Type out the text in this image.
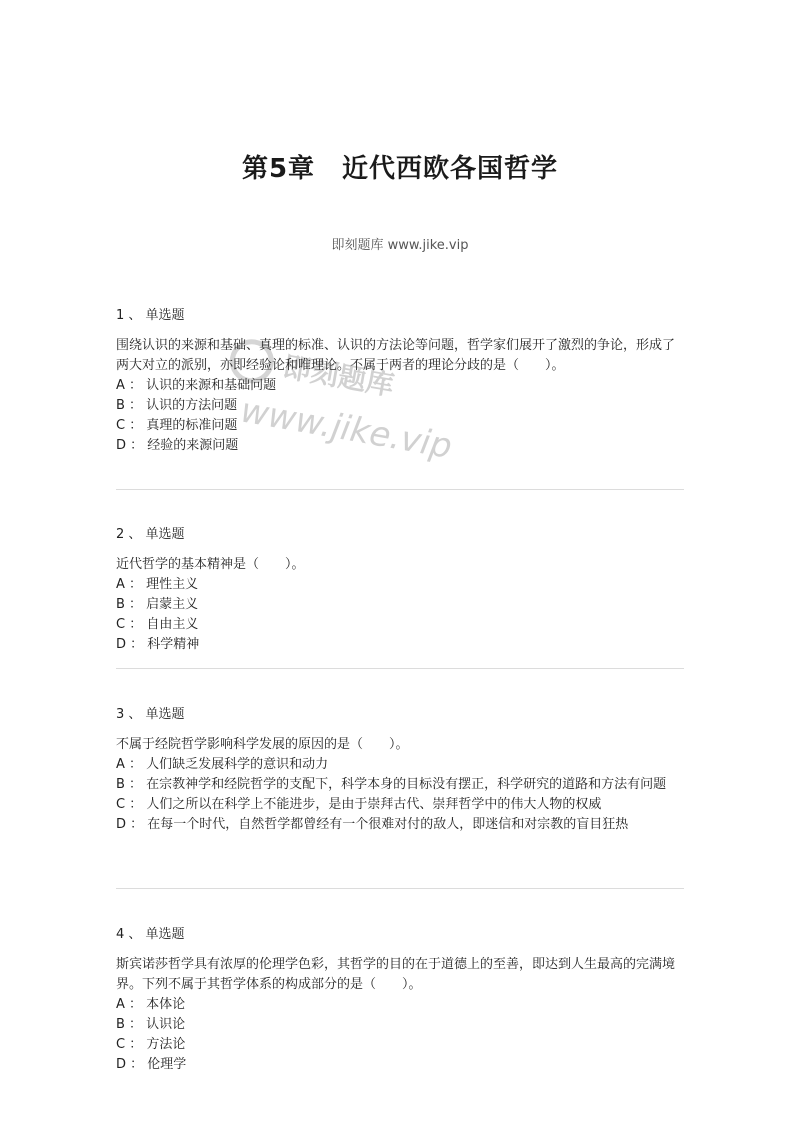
第5章　近代西欧各国哲学
即刻题库 www.jike.vip
1 、 单选题
围绕认识的来源和基础、真理的标准、认识的方法论等问题，哲学家们展开了激烈的争论，形成了两大对立的派别，亦即经验论和唯理论。不属于两者的理论分歧的是（　　）。
A ： 认识的来源和基础问题
B ： 认识的方法问题
C ： 真理的标准问题
D ： 经验的来源问题
2 、 单选题
近代哲学的基本精神是（　　）。
A ： 理性主义
B ： 启蒙主义
C ： 自由主义
D ： 科学精神
3 、 单选题
不属于经院哲学影响科学发展的原因的是（　　）。
A ： 人们缺乏发展科学的意识和动力
B ： 在宗教神学和经院哲学的支配下，科学本身的目标没有摆正，科学研究的道路和方法有问题
C ： 人们之所以在科学上不能进步，是由于崇拜古代、崇拜哲学中的伟大人物的权威
D ： 在每一个时代，自然哲学都曾经有一个很难对付的敌人，即迷信和对宗教的盲目狂热
4 、 单选题
斯宾诺莎哲学具有浓厚的伦理学色彩，其哲学的目的在于道德上的至善，即达到人生最高的完满境界。下列不属于其哲学体系的构成部分的是（　　）。
A ： 本体论
B ： 认识论
C ： 方法论
D ： 伦理学
即刻题库
www.jike.vip
